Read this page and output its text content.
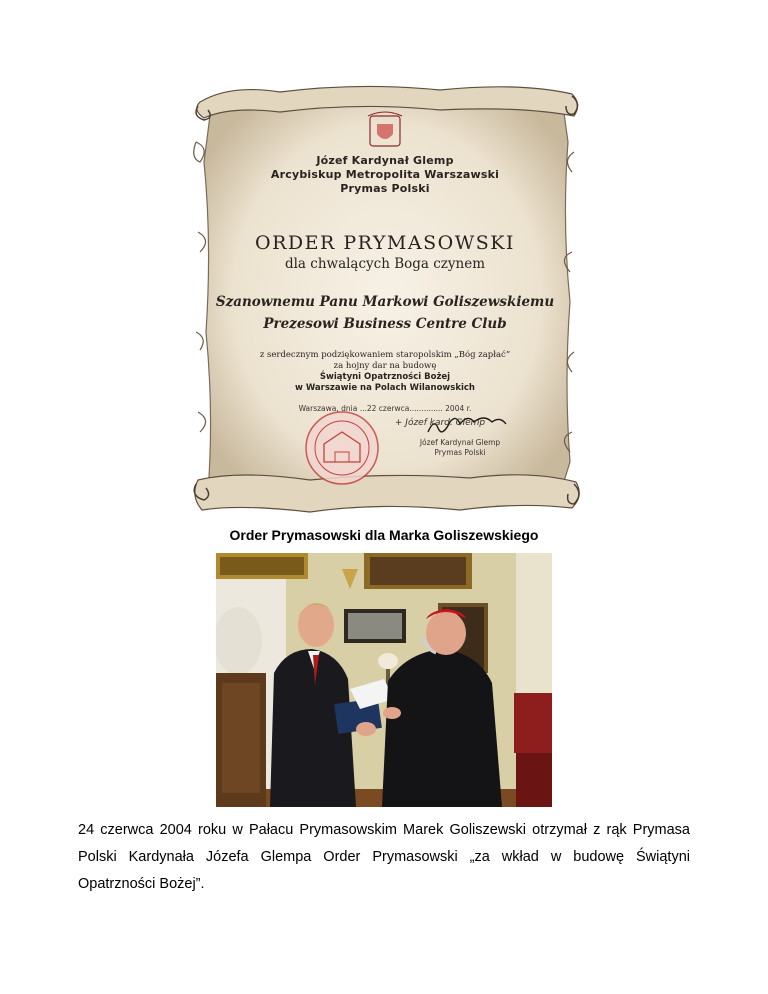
Józef Kardynał Glemp
Arcybiskup Metropolita Warszawski
Prymas Polski
ORDER PRYMASOWSKI
dla chwalących Boga czynem
Szanownemu Panu Markowi Goliszewskiemu
Prezesowi Business Centre Club
z serdecznym podziękowaniem staropolskim „Bóg zapłać”
za hojny dar na budowę
Świątyni Opatrzności Bożej
w Warszawie na Polach Wilanowskich
Warszawa, dnia ...22 czerwca.............. 2004 r.
+ Józef kard. Glemp
Józef Kardynał Glemp
Prymas Polski
Order Prymasowski dla Marka Goliszewskiego

24 czerwca 2004 roku w Pałacu Prymasowskim Marek Goliszewski otrzymał z rąk Prymasa Polski Kardynała Józefa Glempa Order Prymasowski „za wkład w budowę Świątyni Opatrzności Bożej”.
